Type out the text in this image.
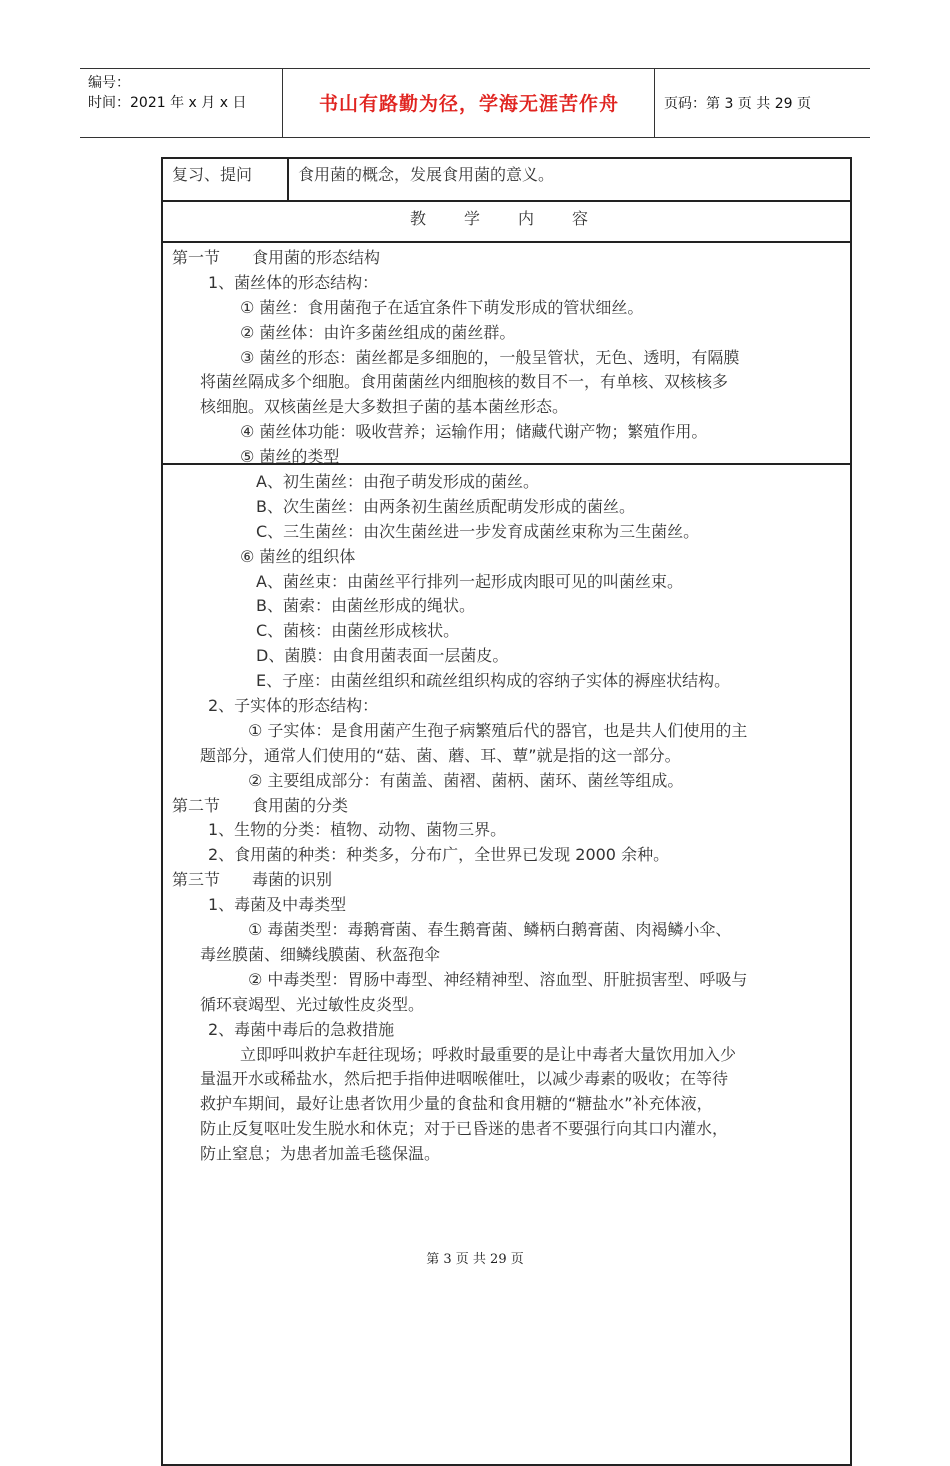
编号：
时间：2021 年 x 月 x 日	书山有路勤为径，学海无涯苦作舟	页码：第 3 页 共 29 页
复习、提问	食用菌的概念，发展食用菌的意义。
教　　学　　内　　容
第一节　　食用菌的形态结构
1、菌丝体的形态结构：
① 菌丝：食用菌孢子在适宜条件下萌发形成的管状细丝。
② 菌丝体：由许多菌丝组成的菌丝群。
③ 菌丝的形态：菌丝都是多细胞的，一般呈管状，无色、透明，有隔膜
将菌丝隔成多个细胞。食用菌菌丝内细胞核的数目不一，有单核、双核核多
核细胞。双核菌丝是大多数担子菌的基本菌丝形态。
④ 菌丝体功能：吸收营养；运输作用；储藏代谢产物；繁殖作用。
⑤ 菌丝的类型
A、初生菌丝：由孢子萌发形成的菌丝。
B、次生菌丝：由两条初生菌丝质配萌发形成的菌丝。
C、三生菌丝：由次生菌丝进一步发育成菌丝束称为三生菌丝。
⑥ 菌丝的组织体
A、菌丝束：由菌丝平行排列一起形成肉眼可见的叫菌丝束。
B、菌索：由菌丝形成的绳状。
C、菌核：由菌丝形成核状。
D、菌膜：由食用菌表面一层菌皮。
E、子座：由菌丝组织和疏丝组织构成的容纳子实体的褥座状结构。
2、子实体的形态结构：
① 子实体：是食用菌产生孢子病繁殖后代的器官，也是共人们使用的主
题部分，通常人们使用的“菇、菌、蘑、耳、蕈”就是指的这一部分。
② 主要组成部分：有菌盖、菌褶、菌柄、菌环、菌丝等组成。
第二节　　食用菌的分类
1、生物的分类：植物、动物、菌物三界。
2、食用菌的种类：种类多，分布广，全世界已发现 2000 余种。
第三节　　毒菌的识别
1、毒菌及中毒类型
① 毒菌类型：毒鹅膏菌、春生鹅膏菌、鳞柄白鹅膏菌、肉褐鳞小伞、
毒丝膜菌、细鳞线膜菌、秋盔孢伞
② 中毒类型：胃肠中毒型、神经精神型、溶血型、肝脏损害型、呼吸与
循环衰竭型、光过敏性皮炎型。
2、毒菌中毒后的急救措施
立即呼叫救护车赶往现场；呼救时最重要的是让中毒者大量饮用加入少
量温开水或稀盐水，然后把手指伸进咽喉催吐，以减少毒素的吸收；在等待
救护车期间，最好让患者饮用少量的食盐和食用糖的“糖盐水”补充体液，
防止反复呕吐发生脱水和休克；对于已昏迷的患者不要强行向其口内灌水，
防止窒息；为患者加盖毛毯保温。
第 3 页 共 29 页
